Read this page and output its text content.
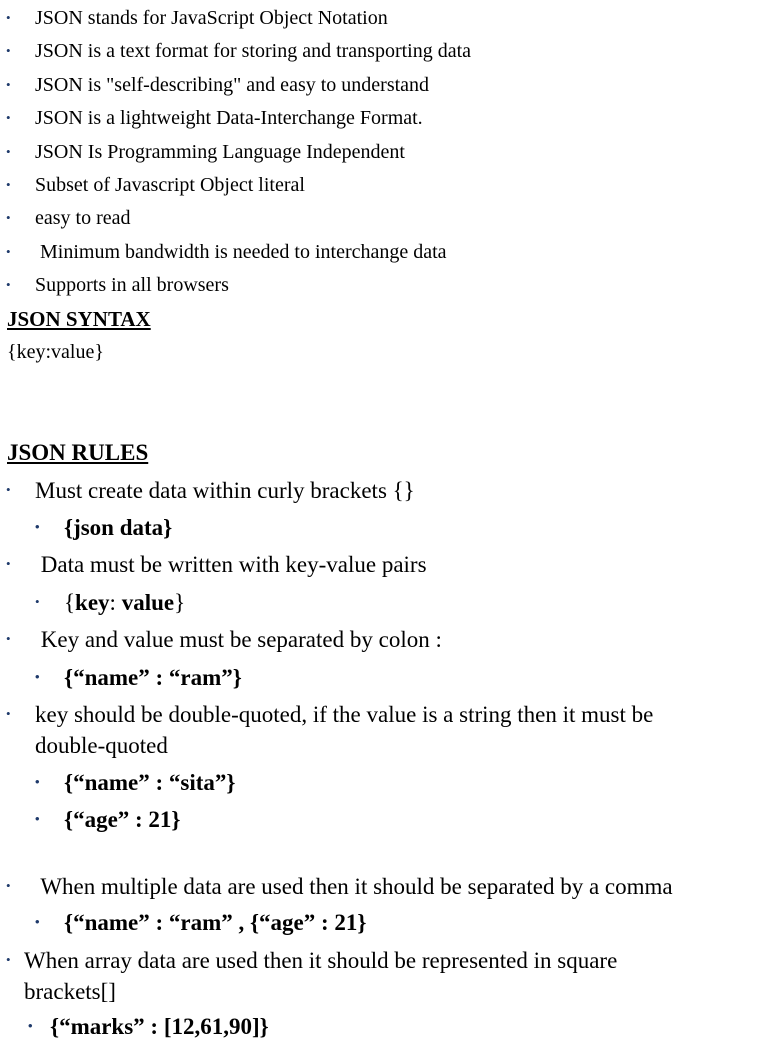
• JSON stands for JavaScript Object Notation
• JSON is a text format for storing and transporting data
• JSON is "self-describing" and easy to understand
• JSON is a lightweight Data-Interchange Format.
• JSON Is Programming Language Independent
• Subset of Javascript Object literal
• easy to read
• Minimum bandwidth is needed to interchange data
• Supports in all browsers
JSON SYNTAX
{key:value}
JSON RULES
• Must create data within curly brackets {}
• {json data}
• Data must be written with key-value pairs
• {key: value}
• Key and value must be separated by colon :
• {“name” : “ram”}
• key should be double-quoted, if the value is a string then it must be
double-quoted
• {“name” : “sita”}
• {“age” : 21}
• When multiple data are used then it should be separated by a comma
• {“name” : “ram” , {“age” : 21}
• When array data are used then it should be represented in square
brackets[]
• {“marks” : [12,61,90]}
